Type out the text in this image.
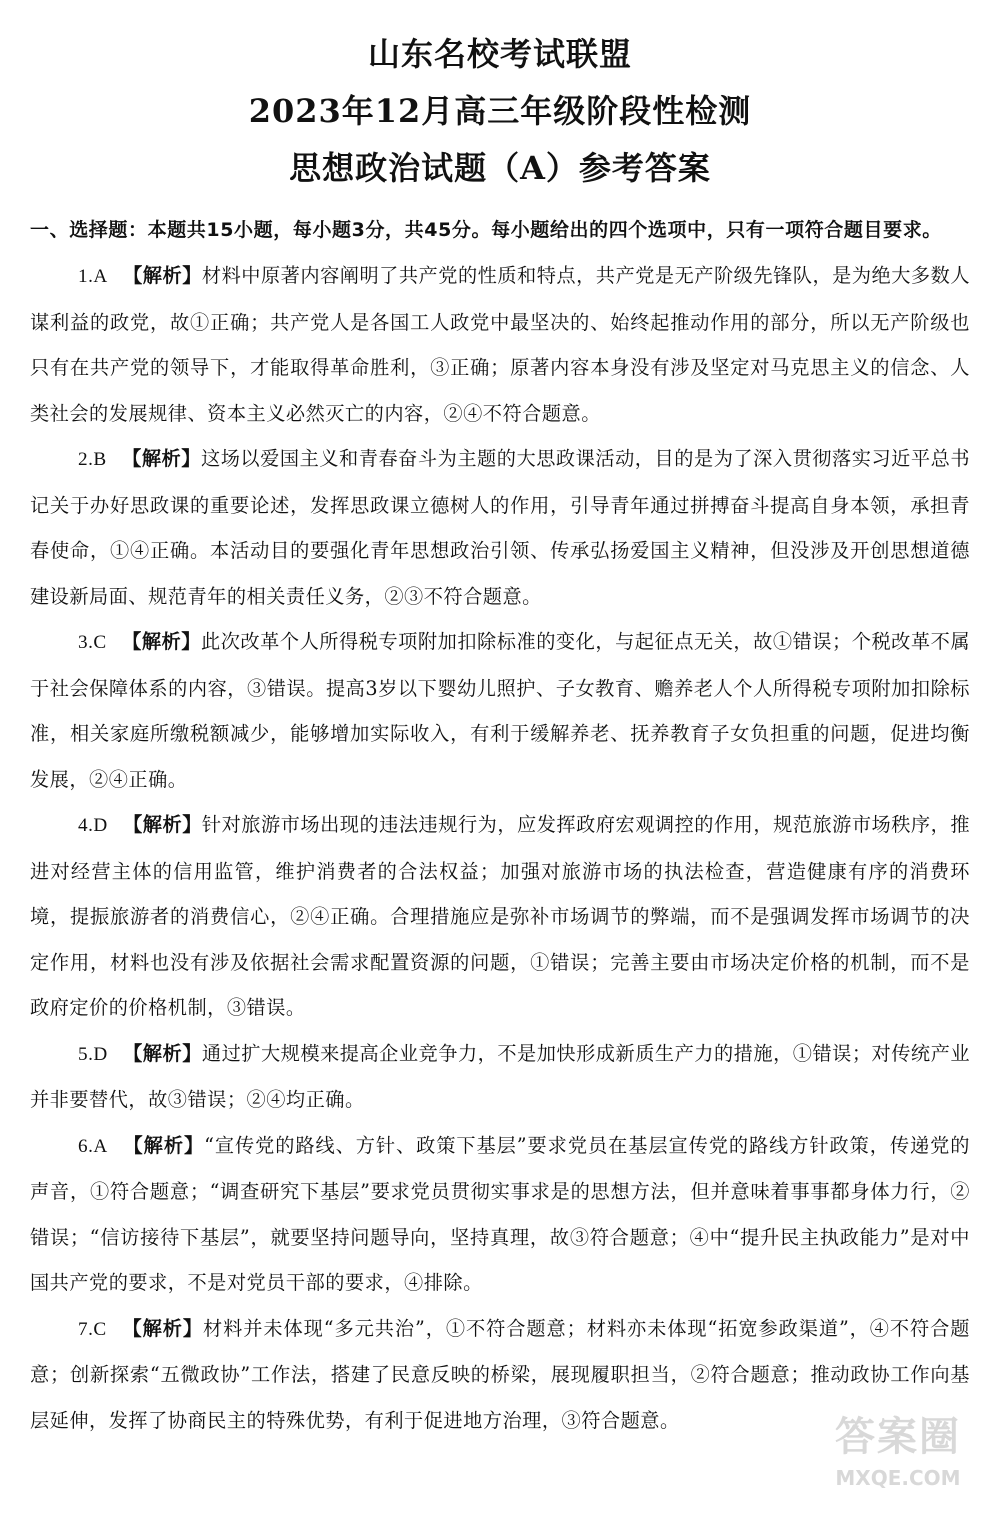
山东名校考试联盟
2023年12月高三年级阶段性检测
思想政治试题（A）参考答案
一、选择题：本题共15小题，每小题3分，共45分。每小题给出的四个选项中，只有一项符合题目要求。

1.A 【解析】材料中原著内容阐明了共产党的性质和特点，共产党是无产阶级先锋队，是为绝大多数人谋利益的政党，故①正确；共产党人是各国工人政党中最坚决的、始终起推动作用的部分，所以无产阶级也只有在共产党的领导下，才能取得革命胜利，③正确；原著内容本身没有涉及坚定对马克思主义的信念、人类社会的发展规律、资本主义必然灭亡的内容，②④不符合题意。

2.B 【解析】这场以爱国主义和青春奋斗为主题的大思政课活动，目的是为了深入贯彻落实习近平总书记关于办好思政课的重要论述，发挥思政课立德树人的作用，引导青年通过拼搏奋斗提高自身本领，承担青春使命，①④正确。本活动目的要强化青年思想政治引领、传承弘扬爱国主义精神，但没涉及开创思想道德建设新局面、规范青年的相关责任义务，②③不符合题意。

3.C 【解析】此次改革个人所得税专项附加扣除标准的变化，与起征点无关，故①错误；个税改革不属于社会保障体系的内容，③错误。提高3岁以下婴幼儿照护、子女教育、赡养老人个人所得税专项附加扣除标准，相关家庭所缴税额减少，能够增加实际收入，有利于缓解养老、抚养教育子女负担重的问题，促进均衡发展，②④正确。

4.D 【解析】针对旅游市场出现的违法违规行为，应发挥政府宏观调控的作用，规范旅游市场秩序，推进对经营主体的信用监管，维护消费者的合法权益；加强对旅游市场的执法检查，营造健康有序的消费环境，提振旅游者的消费信心，②④正确。合理措施应是弥补市场调节的弊端，而不是强调发挥市场调节的决定作用，材料也没有涉及依据社会需求配置资源的问题，①错误；完善主要由市场决定价格的机制，而不是政府定价的价格机制，③错误。

5.D 【解析】通过扩大规模来提高企业竞争力，不是加快形成新质生产力的措施，①错误；对传统产业并非要替代，故③错误；②④均正确。

6.A 【解析】“宣传党的路线、方针、政策下基层”要求党员在基层宣传党的路线方针政策，传递党的声音，①符合题意；“调查研究下基层”要求党员贯彻实事求是的思想方法，但并意味着事事都身体力行，②错误；“信访接待下基层”，就要坚持问题导向，坚持真理，故③符合题意；④中“提升民主执政能力”是对中国共产党的要求，不是对党员干部的要求，④排除。

7.C 【解析】材料并未体现“多元共治”，①不符合题意；材料亦未体现“拓宽参政渠道”，④不符合题意；创新探索“五微政协”工作法，搭建了民意反映的桥梁，展现履职担当，②符合题意；推动政协工作向基层延伸，发挥了协商民主的特殊优势，有利于促进地方治理，③符合题意。	答案圈
MXQE.COM
